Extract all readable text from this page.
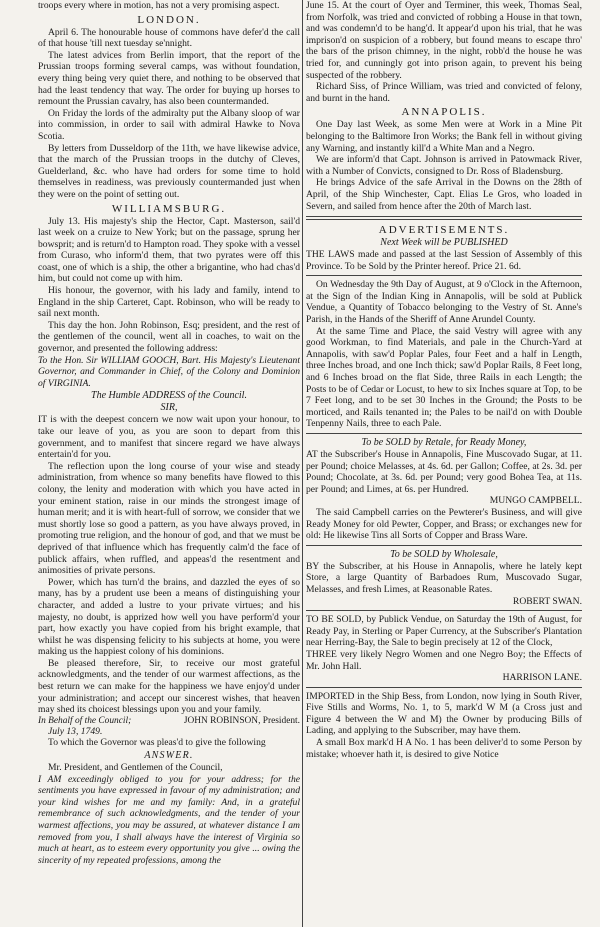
troops every where in motion, has not a very promising aspect.

LONDON.

April 6. The honourable house of commons have defer'd the call of that house 'till next tuesday se'nnight.

The latest advices from Berlin import, that the report of the Prussian troops forming several camps, was without foundation, every thing being very quiet there, and nothing to be observed that had the least tendency that way. The order for buying up horses to remount the Prussian cavalry, has also been countermanded.

On Friday the lords of the admiralty put the Albany sloop of war into commission, in order to sail with admiral Hawke to Nova Scotia.

By letters from Dusseldorp of the 11th, we have likewise advice, that the march of the Prussian troops in the dutchy of Cleves, Guelderland, &c. who have had orders for some time to hold themselves in readiness, was previously countermanded just when they were on the point of setting out.

WILLIAMSBURG.

July 13. His majesty's ship the Hector, Capt. Masterson, sail'd last week on a cruize to New York; but on the passage, sprung her bowsprit; and is return'd to Hampton road. They spoke with a vessel from Curaso, who inform'd them, that two pyrates were off this coast, one of which is a ship, the other a brigantine, who had chas'd him, but could not come up with him.

His honour, the governor, with his lady and family, intend to England in the ship Carteret, Capt. Robinson, who will be ready to sail next month.

This day the hon. John Robinson, Esq; president, and the rest of the gentlemen of the council, went all in coaches, to wait on the governor, and presented the following address:

To the Hon. Sir WILLIAM GOOCH, Bart. His Majesty's Lieutenant Governor, and Commander in Chief, of the Colony and Dominion of VIRGINIA.

The Humble ADDRESS of the Council.
SIR,

IT is with the deepest concern we now wait upon your honour, to take our leave of you, as you are soon to depart from this government, and to manifest that sincere regard we have always entertain'd for you.

The reflection upon the long course of your wise and steady administration, from whence so many benefits have flowed to this colony, the lenity and moderation with which you have acted in your eminent station, raise in our minds the strongest image of human merit; and it is with heart-full of sorrow, we consider that we must shortly lose so good a pattern, as you have always proved, in promoting true religion, and the honour of god, and that we must be deprived of that influence which has frequently calm'd the face of publick affairs, when ruffled, and appeas'd the resentment and animosities of private persons.

Power, which has turn'd the brains, and dazzled the eyes of so many, has by a prudent use been a means of distinguishing your character, and added a lustre to your private virtues; and his majesty, no doubt, is apprized how well you have perform'd your part, how exactly you have copied from his bright example, that whilst he was dispensing felicity to his subjects at home, you were making us the happiest colony of his dominions.

Be pleased therefore, Sir, to receive our most grateful acknowledgments, and the tender of our warmest affections, as the best return we can make for the happiness we have enjoy'd under your administration; and accept our sincerest wishes, that heaven may shed its choicest blessings upon you and your family.

In Behalf of the Council;	JOHN ROBINSON, President.

July 13, 1749.

To which the Governor was pleas'd to give the following

ANSWER.

Mr. President, and Gentlemen of the Council,

I AM exceedingly obliged to you for your address; for the sentiments you have expressed in favour of my administration; and your kind wishes for me and my family: And, in a grateful remembrance of such acknowledgments, and the tender of your warmest affections, you may be assured, at whatever distance I am removed from you, I shall always have the interest of Virginia so much at heart, as to esteem every opportunity you give ... owing the sincerity of my repeated professions, among the

June 15. At the court of Oyer and Terminer, this week, Thomas Seal, from Norfolk, was tried and convicted of robbing a House in that town, and was condemn'd to be hang'd. It appear'd upon his trial, that he was imprison'd on suspicion of a robbery, but found means to escape thro' the bars of the prison chimney, in the night, robb'd the house he was tried for, and cunningly got into prison again, to prevent his being suspected of the robbery.

Richard Siss, of Prince William, was tried and convicted of felony, and burnt in the hand.

ANNAPOLIS.

One Day last Week, as some Men were at Work in a Mine Pit belonging to the Baltimore Iron Works; the Bank fell in without giving any Warning, and instantly kill'd a White Man and a Negro.

We are inform'd that Capt. Johnson is arrived in Patowmack River, with a Number of Convicts, consigned to Dr. Ross of Bladensburg.

He brings Advice of the safe Arrival in the Downs on the 28th of April, of the Ship Winchester, Capt. Elias Le Gros, who loaded in Severn, and sailed from hence after the 20th of March last.

ADVERTISEMENTS.
Next Week will be PUBLISHED

THE LAWS made and passed at the last Session of Assembly of this Province. To be Sold by the Printer hereof. Price 21. 6d.

On Wednesday the 9th Day of August, at 9 o'Clock in the Afternoon, at the Sign of the Indian King in Annapolis, will be sold at Publick Vendue, a Quantity of Tobacco belonging to the Vestry of St. Anne's Parish, in the Hands of the Sheriff of Anne Arundel County.

At the same Time and Place, the said Vestry will agree with any good Workman, to find Materials, and pale in the Church-Yard at Annapolis, with saw'd Poplar Pales, four Feet and a half in Length, three Inches broad, and one Inch thick; saw'd Poplar Rails, 8 Feet long, and 6 Inches broad on the flat Side, three Rails in each Length; the Posts to be of Cedar or Locust, to hew to six Inches square at Top, to be 7 Feet long, and to be set 30 Inches in the Ground; the Posts to be morticed, and Rails tenanted in; the Pales to be nail'd on with Double Tenpenny Nails, three to each Pale.

To be SOLD by Retale, for Ready Money,

AT the Subscriber's House in Annapolis, Fine Muscovado Sugar, at 11. per Pound; choice Melasses, at 4s. 6d. per Gallon; Coffee, at 2s. 3d. per Pound; Chocolate, at 3s. 6d. per Pound; very good Bohea Tea, at 11s. per Pound; and Limes, at 6s. per Hundred.

MUNGO CAMPBELL.

The said Campbell carries on the Pewterer's Business, and will give Ready Money for old Pewter, Copper, and Brass; or exchanges new for old: He likewise Tins all Sorts of Copper and Brass Ware.

To be SOLD by Wholesale,

BY the Subscriber, at his House in Annapolis, where he lately kept Store, a large Quantity of Barbadoes Rum, Muscovado Sugar, Melasses, and fresh Limes, at Reasonable Rates.

ROBERT SWAN.

TO BE SOLD, by Publick Vendue, on Saturday the 19th of August, for Ready Pay, in Sterling or Paper Currency, at the Subscriber's Plantation near Herring-Bay, the Sale to begin precisely at 12 of the Clock,

THREE very likely Negro Women and one Negro Boy; the Effects of Mr. John Hall.

HARRISON LANE.

IMPORTED in the Ship Bess, from London, now lying in South River, Five Stills and Worms, No. 1, to 5, mark'd W M (a Cross just and Figure 4 between the W and M) the Owner by producing Bills of Lading, and applying to the Subscriber, may have them.

A small Box mark'd H A No. 1 has been deliver'd to some Person by mistake; whoever hath it, is desired to give Notice
